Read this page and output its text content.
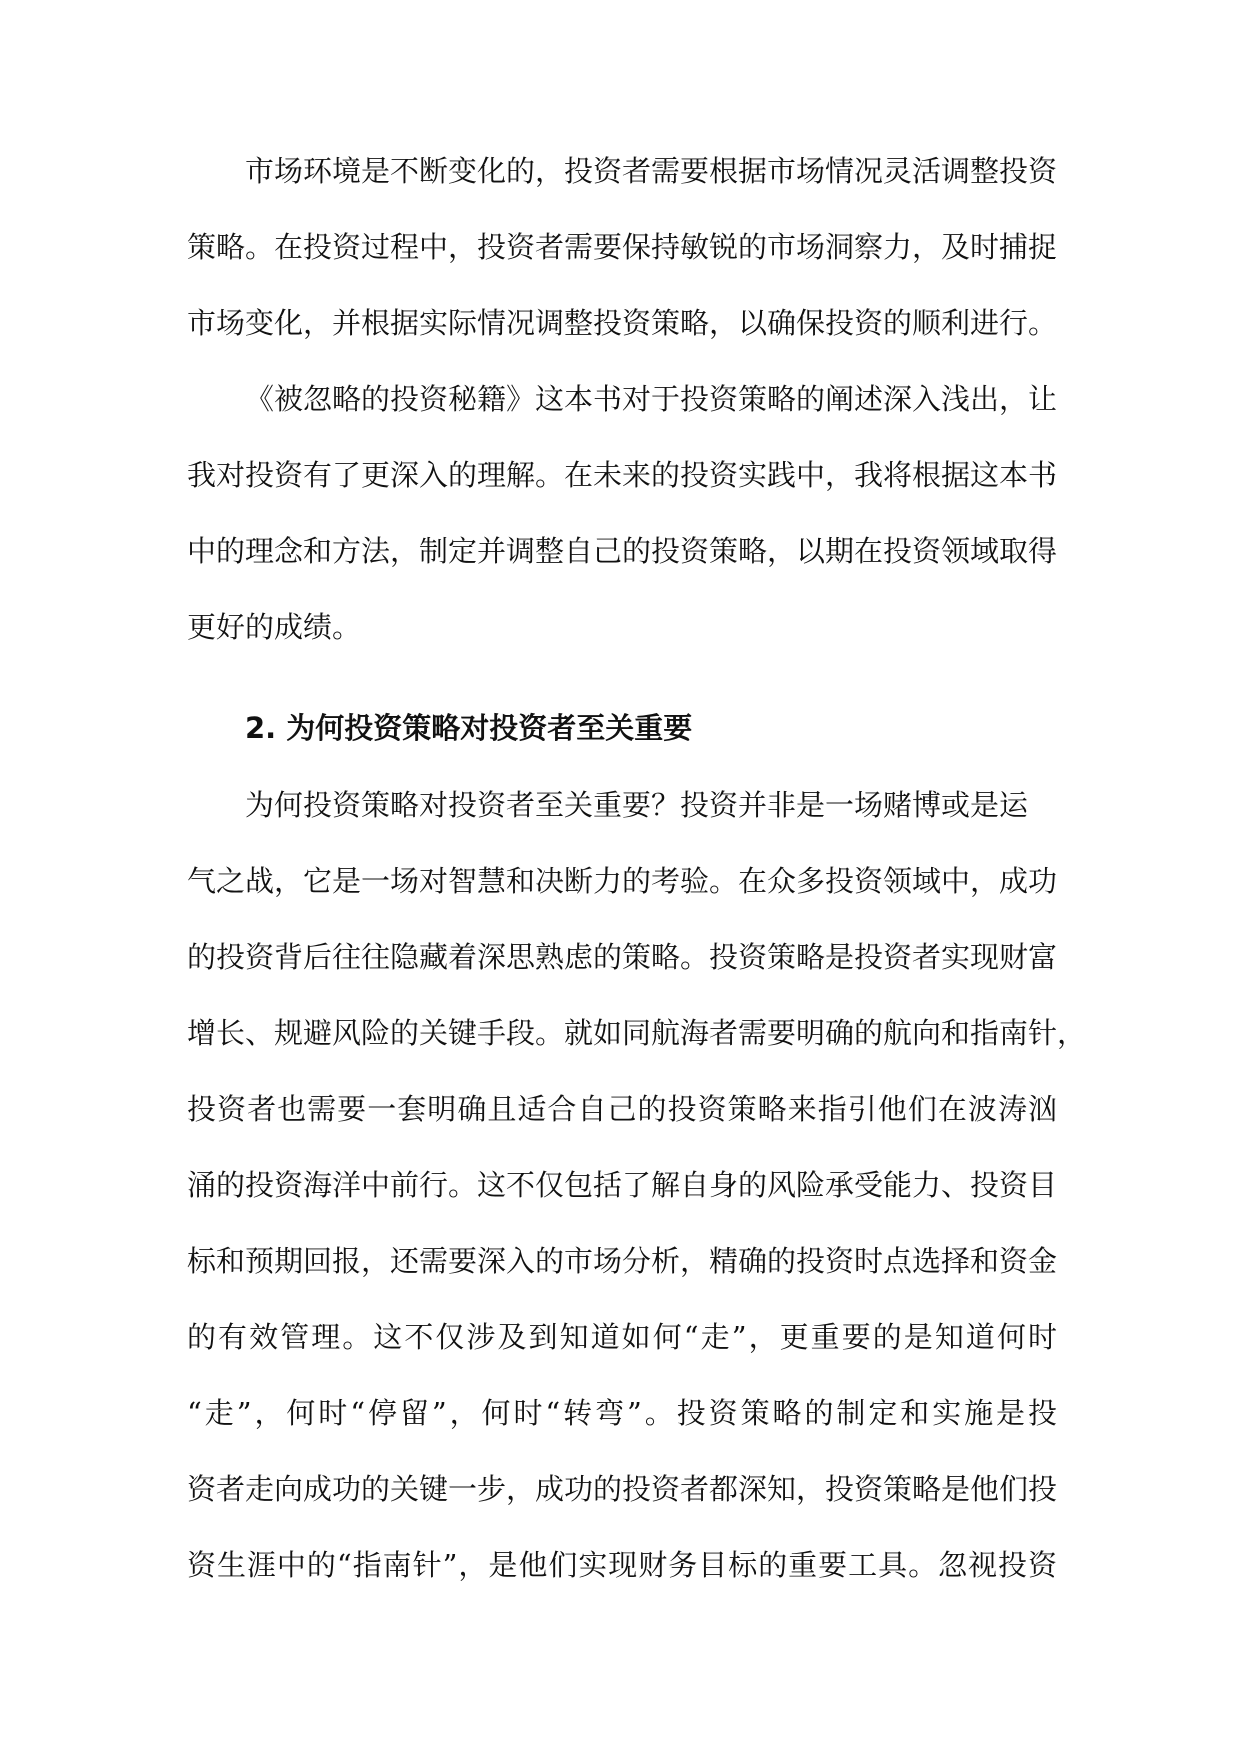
市场环境是不断变化的，投资者需要根据市场情况灵活调整投资
策略。在投资过程中，投资者需要保持敏锐的市场洞察力，及时捕捉
市场变化，并根据实际情况调整投资策略，以确保投资的顺利进行。
《被忽略的投资秘籍》这本书对于投资策略的阐述深入浅出，让
我对投资有了更深入的理解。在未来的投资实践中，我将根据这本书
中的理念和方法，制定并调整自己的投资策略，以期在投资领域取得
更好的成绩。
2. 为何投资策略对投资者至关重要
为何投资策略对投资者至关重要？投资并非是一场赌博或是运
气之战，它是一场对智慧和决断力的考验。在众多投资领域中，成功
的投资背后往往隐藏着深思熟虑的策略。投资策略是投资者实现财富
增长、规避风险的关键手段。就如同航海者需要明确的航向和指南针，
投资者也需要一套明确且适合自己的投资策略来指引他们在波涛汹
涌的投资海洋中前行。这不仅包括了解自身的风险承受能力、投资目
标和预期回报，还需要深入的市场分析，精确的投资时点选择和资金
的有效管理。这不仅涉及到知道如何“走”，更重要的是知道何时
“走”，何时“停留”，何时“转弯”。投资策略的制定和实施是投
资者走向成功的关键一步，成功的投资者都深知，投资策略是他们投
资生涯中的“指南针”，是他们实现财务目标的重要工具。忽视投资
